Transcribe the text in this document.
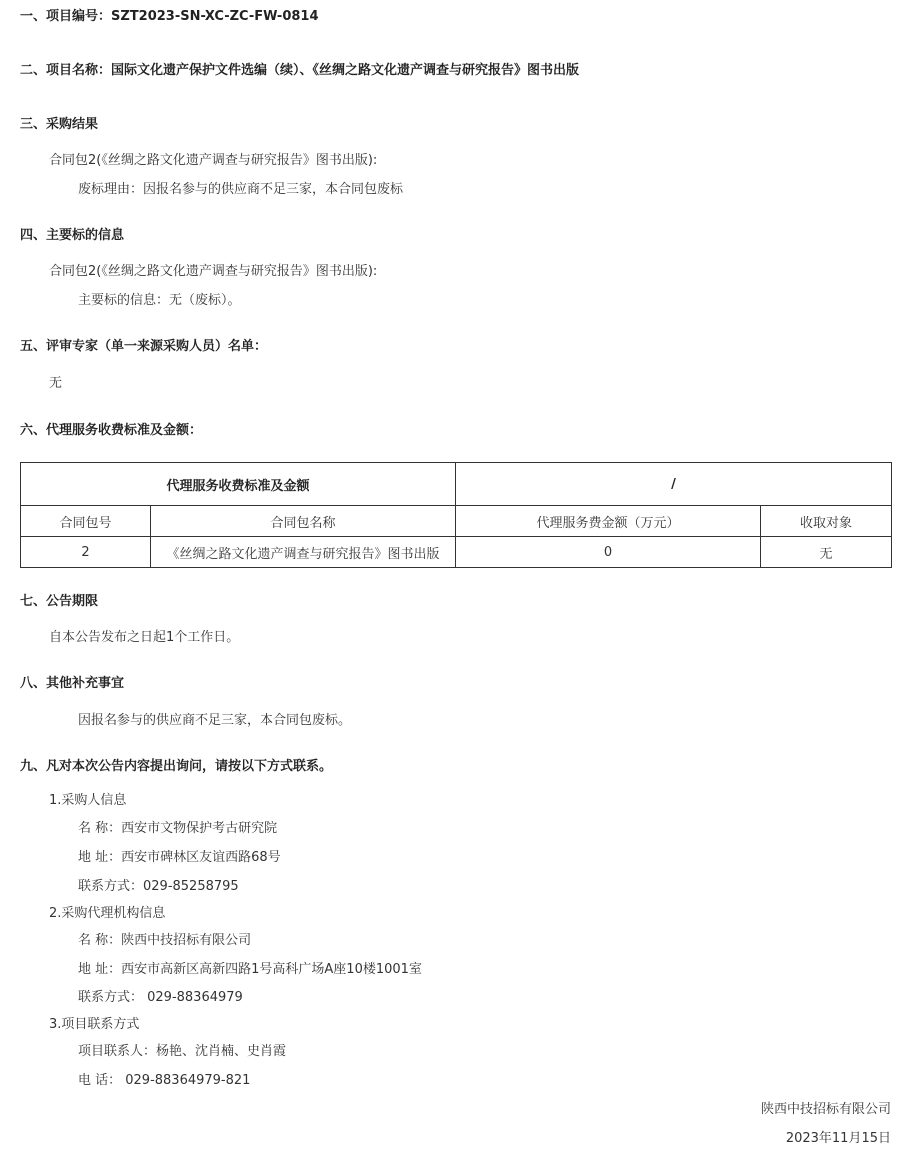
一、项目编号：SZT2023-SN-XC-ZC-FW-0814
二、项目名称：国际文化遗产保护文件选编（续）、《丝绸之路文化遗产调查与研究报告》图书出版
三、采购结果
合同包2(《丝绸之路文化遗产调查与研究报告》图书出版):
废标理由：因报名参与的供应商不足三家，本合同包废标
四、主要标的信息
合同包2(《丝绸之路文化遗产调查与研究报告》图书出版):
主要标的信息：无（废标）。
五、评审专家（单一来源采购人员）名单：
无
六、代理服务收费标准及金额：
代理服务收费标准及金额		/	
合同包号	合同包名称	代理服务费金额（万元）	收取对象
2	《丝绸之路文化遗产调查与研究报告》图书出版	0	无
七、公告期限
自本公告发布之日起1个工作日。
八、其他补充事宜
因报名参与的供应商不足三家，本合同包废标。
九、凡对本次公告内容提出询问，请按以下方式联系。
1.采购人信息
名 称：西安市文物保护考古研究院
地 址：西安市碑林区友谊西路68号
联系方式：029-85258795
2.采购代理机构信息
名 称：陕西中技招标有限公司
地 址：西安市高新区高新四路1号高科广场A座10楼1001室
联系方式： 029-88364979
3.项目联系方式
项目联系人：杨艳、沈肖楠、史肖霞
电 话： 029-88364979-821
陕西中技招标有限公司
2023年11月15日
